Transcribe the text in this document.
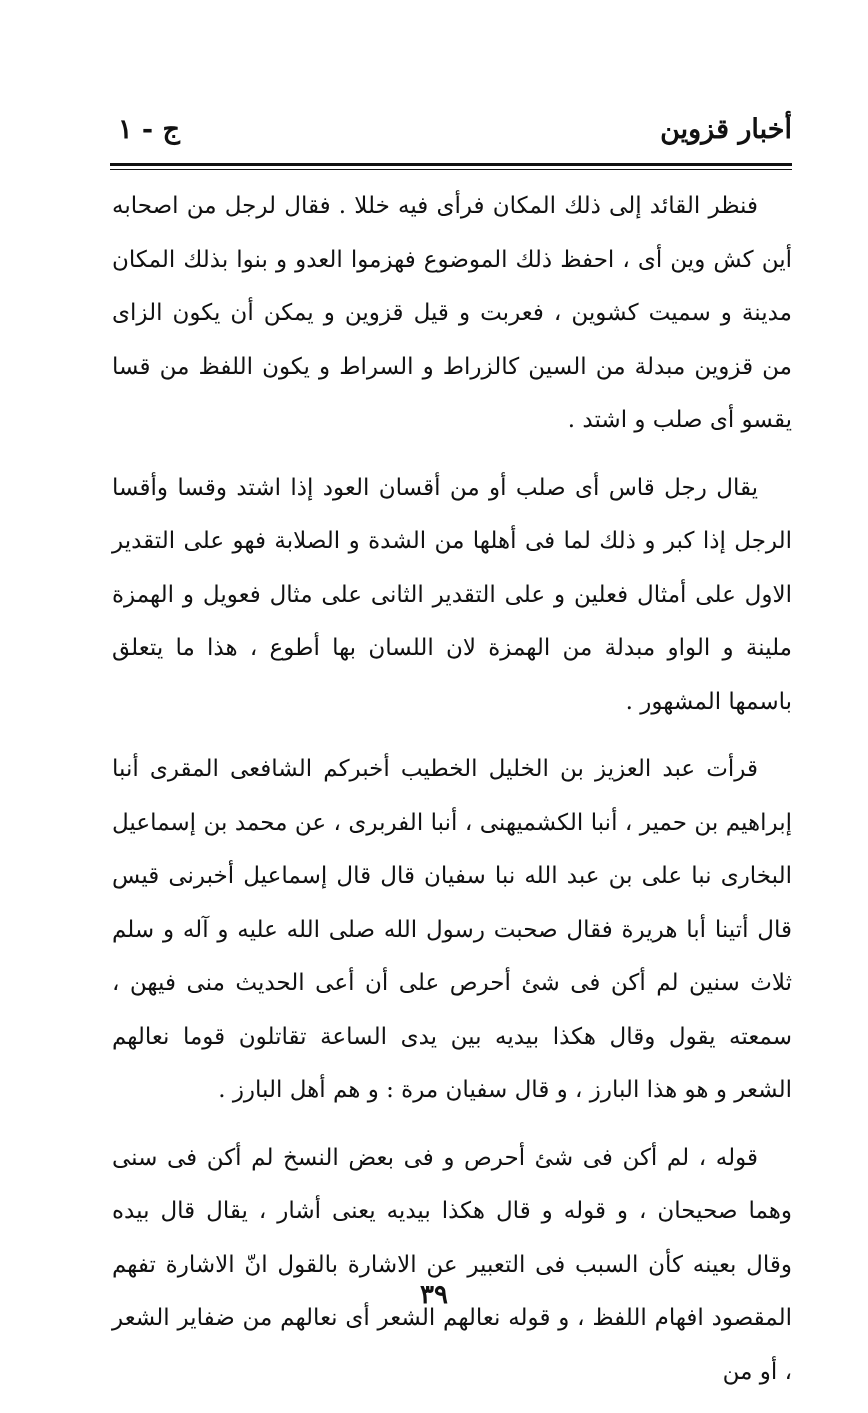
أخبار قزوين
ج - ١

فنظر القائد إلى ذلك المكان فرأى فيه خللا . فقال لرجل من اصحابه أين كش وين أى ، احفظ ذلك الموضوع فهزموا العدو و بنوا بذلك المكان مدينة و سميت كشوين ، فعربت و قيل قزوين و يمكن أن يكون الزاى من قزوين مبدلة من السين كالزراط و السراط و يكون اللفظ من قسا يقسو أى صلب و اشتد .

يقال رجل قاس أى صلب أو من أقسان العود إذا اشتد وقسا وأقسا الرجل إذا كبر و ذلك لما فى أهلها من الشدة و الصلابة فهو على التقدير الاول على أمثال فعلين و على التقدير الثانى على مثال فعويل و الهمزة ملينة و الواو مبدلة من الهمزة لان اللسان بها أطوع ، هذا ما يتعلق باسمها المشهور .

قرأت عبد العزيز بن الخليل الخطيب أخبركم الشافعى المقرى أنبا إبراهيم بن حمير ، أنبا الكشميهنى ، أنبا الفربرى ، عن محمد بن إسماعيل البخارى نبا على بن عبد الله نبا سفيان قال قال إسماعيل أخبرنى قيس قال أتينا أبا هريرة فقال صحبت رسول الله صلى الله عليه و آله و سلم ثلاث سنين لم أكن فى شئ أحرص على أن أعى الحديث منى فيهن ، سمعته يقول وقال هكذا بيديه بين يدى الساعة تقاتلون قوما نعالهم الشعر و هو هذا البارز ، و قال سفيان مرة : و هم أهل البارز .

قوله ، لم أكن فى شئ أحرص و فى بعض النسخ لم أكن فى سنى وهما صحيحان ، و قوله و قال هكذا بيديه يعنى أشار ، يقال قال بيده وقال بعينه كأن السبب فى التعبير عن الاشارة بالقول انّ الاشارة تفهم المقصود افهام اللفظ ، و قوله نعالهم الشعر أى نعالهم من ضفاير الشعر ، أو من

٣٩
